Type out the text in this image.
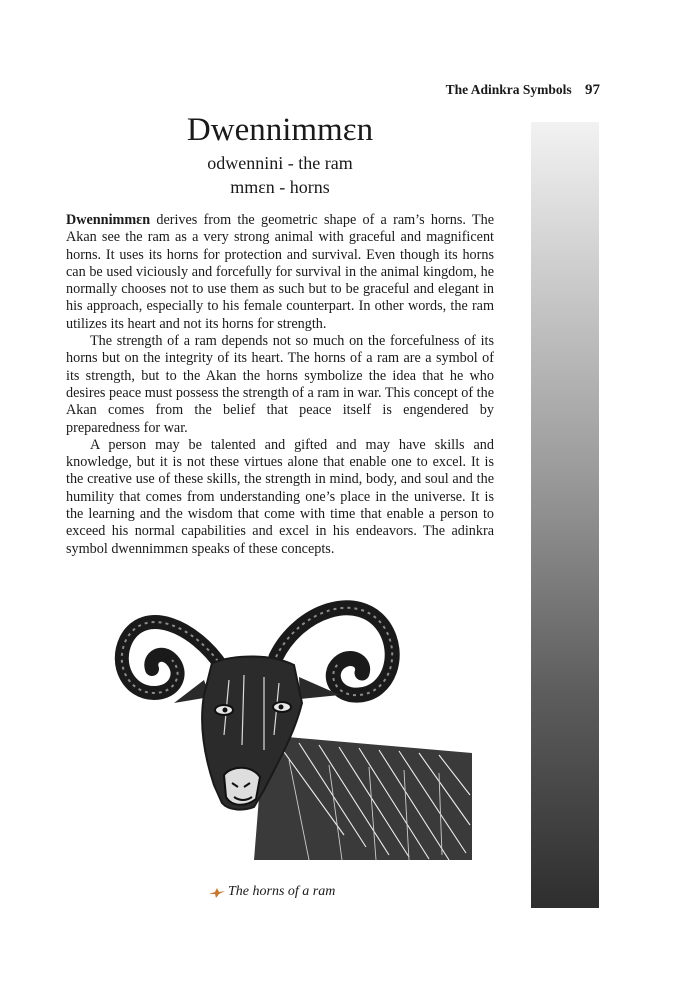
The Adinkra Symbols 97
Dwennimmɛn
odwennini - the ram
mmɛn - horns

Dwennimmɛn derives from the geometric shape of a ram’s horns. The Akan see the ram as a very strong animal with graceful and magnificent horns. It uses its horns for protection and survival. Even though its horns can be used viciously and forcefully for survival in the animal kingdom, he normally chooses not to use them as such but to be graceful and elegant in his approach, especially to his female counterpart. In other words, the ram utilizes its heart and not its horns for strength.

The strength of a ram depends not so much on the forcefulness of its horns but on the integrity of its heart. The horns of a ram are a symbol of its strength, but to the Akan the horns symbolize the idea that he who desires peace must possess the strength of a ram in war. This concept of the Akan comes from the belief that peace itself is engendered by preparedness for war.

A person may be talented and gifted and may have skills and knowledge, but it is not these virtues alone that enable one to excel. It is the creative use of these skills, the strength in mind, body, and soul and the humility that comes from understanding one’s place in the universe. It is the learning and the wisdom that come with time that enable a person to exceed his normal capabilities and excel in his endeavors. The adinkra symbol dwennimmɛn speaks of these concepts.

The horns of a ram
